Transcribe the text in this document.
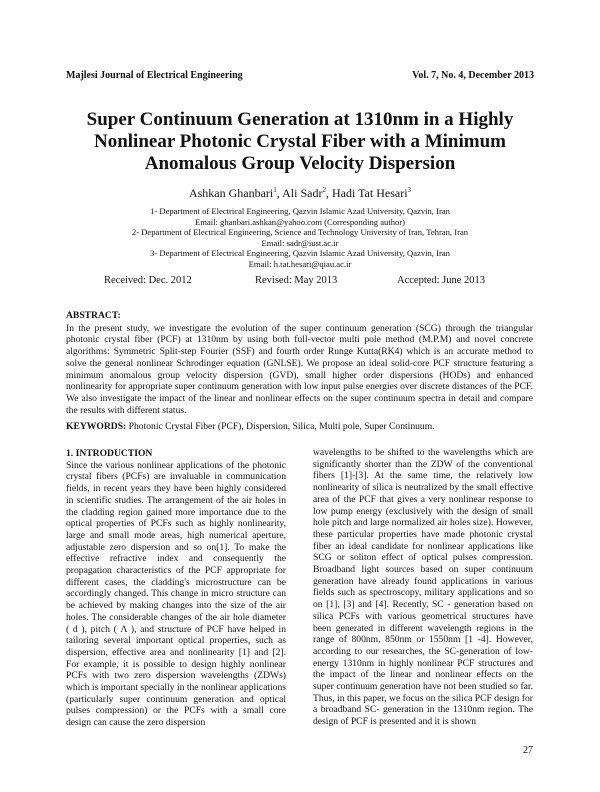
Majlesi Journal of Electrical Engineering	Vol. 7, No. 4, December 2013
Super Continuum Generation at 1310nm in a Highly
Nonlinear Photonic Crystal Fiber with a Minimum
Anomalous Group Velocity Dispersion
Ashkan Ghanbari$^1$, Ali Sadr$^2$, Hadi Tat Hesari$^3$
1- Department of Electrical Engineering, Qazvin Islamic Azad University, Qazvin, Iran
Email: ghanbari.ashkan@yahoo.com (Corresponding author)
2- Department of Electrical Engineering, Science and Technology University of Iran, Tehran, Iran
Email: sadr@iust.ac.ir
3- Department of Electrical Engineering, Qazvin Islamic Azad University, Qazvin, Iran
Email: h.tat.hesari@qiau.ac.ir
Received: Dec. 2012	Revised: May 2013	Accepted: June 2013
ABSTRACT:

In the present study, we investigate the evolution of the super continuum generation (SCG) through the triangular photonic crystal fiber (PCF) at 1310nm by using both full-vector multi pole method (M.P.M) and novel concrete algorithms: Symmetric Split-step Fourier (SSF) and fourth order Runge Kutta(RK4) which is an accurate method to solve the general nonlinear Schrodinger equation (GNLSE). We propose an ideal solid-core PCF structure featuring a minimum anomalous group velocity dispersion (GVD), small higher order dispersions (HODs) and enhanced nonlinearity for appropriate super continuum generation with low input pulse energies over discrete distances of the PCF. We also investigate the impact of the linear and nonlinear effects on the super continuum spectra in detail and compare the results with different status.

KEYWORDS: Photonic Crystal Fiber (PCF), Dispersion, Silica, Multi pole, Super Continuum.
1. INTRODUCTION

Since the various nonlinear applications of the photonic crystal fibers (PCFs) are invaluable in communication fields, in recent years they have been highly considered in scientific studies. The arrangement of the air holes in the cladding region gained more importance due to the optical properties of PCFs such as highly nonlinearity, large and small mode areas, high numerical aperture, adjustable zero dispersion and so on[1]. To make the effective refractive index and consequently the propagation characteristics of the PCF appropriate for different cases, the cladding's microstructure can be accordingly changed. This change in micro structure can be achieved by making changes into the size of the air holes. The considerable changes of the air hole diameter ( d ), pitch ( Λ ), and structure of PCF have helped in tailoring several important optical properties, such as dispersion, effective area and nonlinearity [1] and [2]. For example, it is possible to design highly nonlinear PCFs with two zero dispersion wavelengths (ZDWs) which is important specially in the nonlinear applications (particularly super continuum generation and optical pulses compression) or the PCFs with a small core design can cause the zero dispersion

wavelengths to be shifted to the wavelengths which are significantly shorter than the ZDW of the conventional fibers [1]-[3]. At the same time, the relatively low nonlinearity of silica is neutralized by the small effective area of the PCF that gives a very nonlinear response to low pump energy (exclusively with the design of small hole pitch and large normalized air holes size). However, these particular properties have made photonic crystal fiber an ideal candidate for nonlinear applications like SCG or soliton effect of optical pulses compression. Broadband light sources based on super continuum generation have already found applications in various fields such as spectroscopy, military applications and so on [1], [3] and [4]. Recently, SC - generation based on silica PCFs with various geometrical structures have been generated in different wavelength regions in the range of 800nm, 850nm or 1550nm [1 -4]. However, according to our researches, the SC-generation of low-energy 1310nm in highly nonlinear PCF structures and the impact of the linear and nonlinear effects on the super continuum generation have not been studied so far. Thus, in this paper, we focus on the silica PCF design for a broadband SC- generation in the 1310nm region. The design of PCF is presented and it is shown

27
